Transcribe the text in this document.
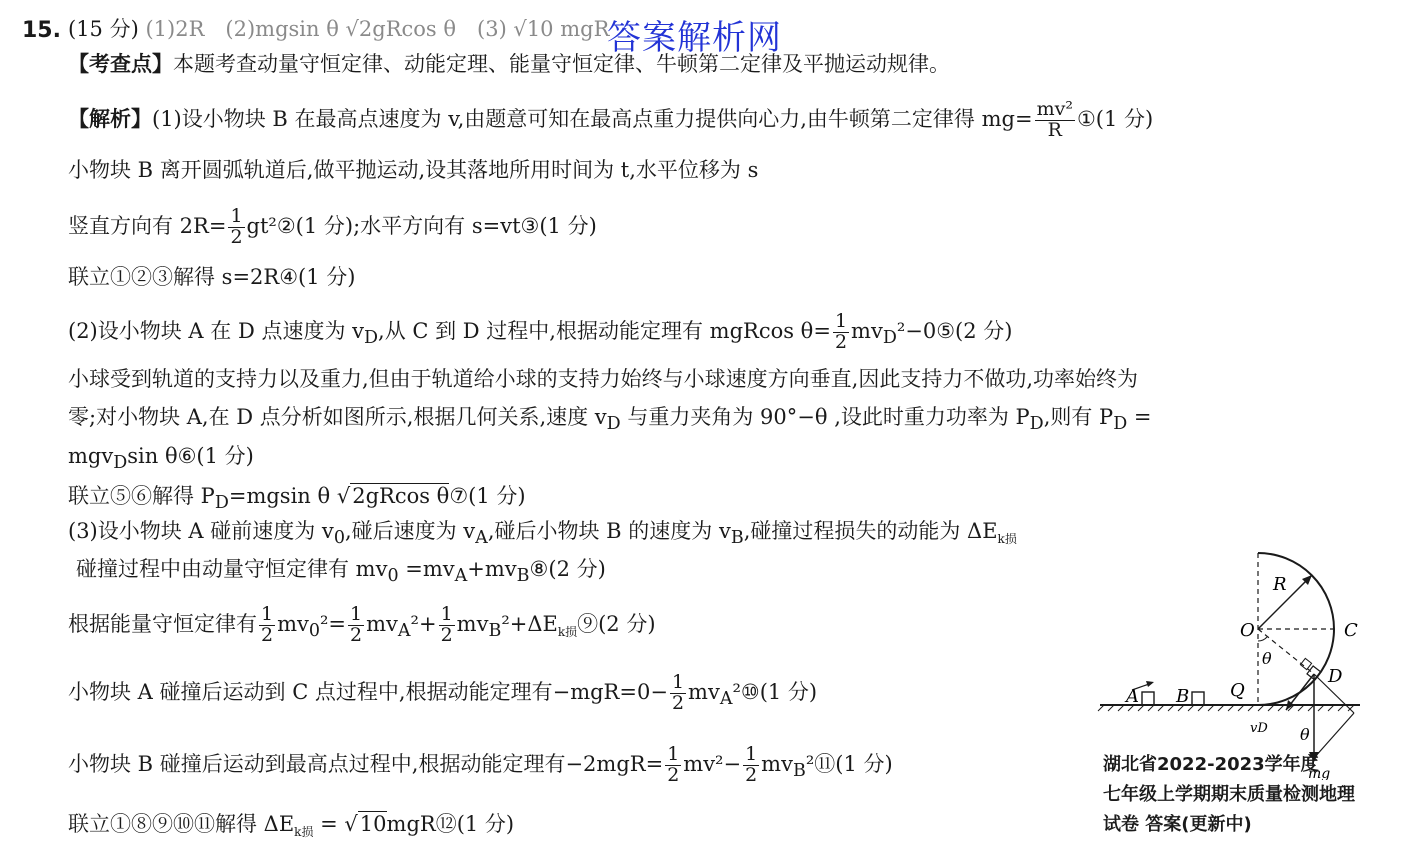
答案解析网
15. (15 分) (1)2R　(2)mgsin θ √2gRcos θ　(3) √10 mgR
【考查点】本题考查动量守恒定律、动能定理、能量守恒定律、牛顿第二定律及平抛运动规律。
【解析】(1)设小物块 B 在最高点速度为 v,由题意可知在最高点重力提供向心力,由牛顿第二定律得 $mg= \frac{\text{mv²}}{R}$ ①(1 分)
小物块 B 离开圆弧轨道后,做平抛运动,设其落地所用时间为 t,水平位移为 s
竖直方向有 $2R= \frac{1}{2}$ gt²②(1 分);水平方向有 s=vt③(1 分)
联立①②③解得 s=2R④(1 分)
(2)设小物块 A 在 D 点速度为 $v_D$,从 C 到 D 过程中,根据动能定理有 mgRcos $\theta= \frac{1}{2}$ $mv_D^2-0⑤(2$ 分)
小球受到轨道的支持力以及重力,但由于轨道给小球的支持力始终与小球速度方向垂直,因此支持力不做功,功率始终为
零;对小物块 A,在 D 点分析如图所示,根据几何关系,速度 $v_D$ 与重力夹角为 90°−θ ,设此时重力功率为 $P_D$,则有 $P_D$ =
mgv$_D$sin θ⑥(1 分)
联立⑤⑥解得 $P_D=mgsin$ θ √2gRcos θ⑦(1 分)
(3)设小物块 A 碰前速度为 $v_0$,碰后速度为 $v_A$,碰后小物块 B 的速度为 $v_B$,碰撞过程损失的动能为 $\Delta E_{k损}$
碰撞过程中由动量守恒定律有 $mv_0$ $=mv_A+mv_B⑧(2$ 分)
根据能量守恒定律有 $\frac{1}{2} mv_0^2= \frac{1}{2} mv_A^2+ \frac{1}{2}$ $mv_B^2+\Delta E_{k损}⑨(2$ 分)
小物块 A 碰撞后运动到 C 点过程中,根据动能定理有$-mgR=0- \frac{1}{2}$ $mv_A^2⑩(1$ 分)
小物块 B 碰撞后运动到最高点过程中,根据动能定理有$-2mgR= \frac{1}{2} mv^2- \frac{1}{2}$ $mv_B^2⑪(1$ 分)
联立①⑧⑨⑩⑪解得 $\Delta E_{k损}$ = √10mgR⑫(1 分)
R
O	C
θ
D
A B Q
vD θ
mg
湖北省2022-2023学年度
七年级上学期期末质量检测地理
试卷 答案(更新中)
